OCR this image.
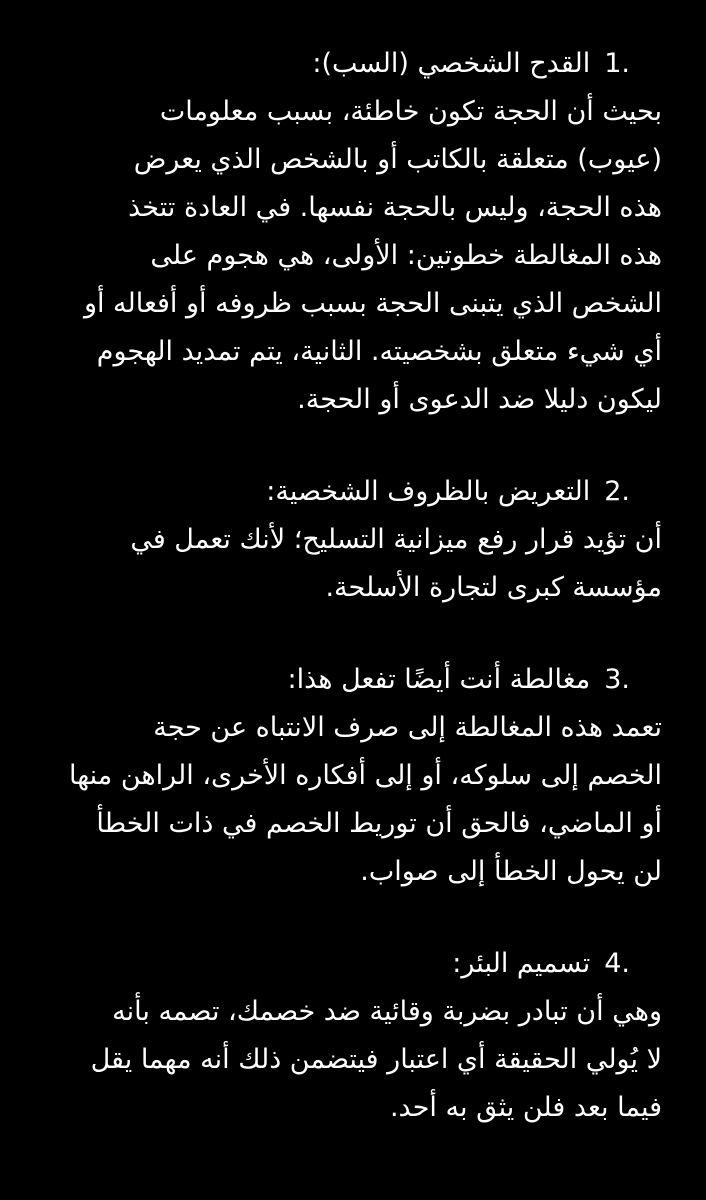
1.
القدح الشخصي (السب):
بحيث أن الحجة تكون خاطئة، بسبب معلومات
(عيوب) متعلقة بالكاتب أو بالشخص الذي يعرض
هذه الحجة، وليس بالحجة نفسها. في العادة تتخذ
هذه المغالطة خطوتين: الأولى، هي هجوم على
الشخص الذي يتبنى الحجة بسبب ظروفه أو أفعاله أو
أي شيء متعلق بشخصيته. الثانية، يتم تمديد الهجوم
ليكون دليلا ضد الدعوى أو الحجة.
2.
التعريض بالظروف الشخصية:
أن تؤيد قرار رفع ميزانية التسليح؛ لأنك تعمل في
مؤسسة كبرى لتجارة الأسلحة.
3.
مغالطة أنت أيضًا تفعل هذا:
تعمد هذه المغالطة إلى صرف الانتباه عن حجة
الخصم إلى سلوكه، أو إلى أفكاره الأخرى، الراهن منها
أو الماضي، فالحق أن توريط الخصم في ذات الخطأ
لن يحول الخطأ إلى صواب.
4.
تسميم البئر:
وهي أن تبادر بضربة وقائية ضد خصمك، تصمه بأنه
لا يُولي الحقيقة أي اعتبار فيتضمن ذلك أنه مهما يقل
فيما بعد فلن يثق به أحد.
